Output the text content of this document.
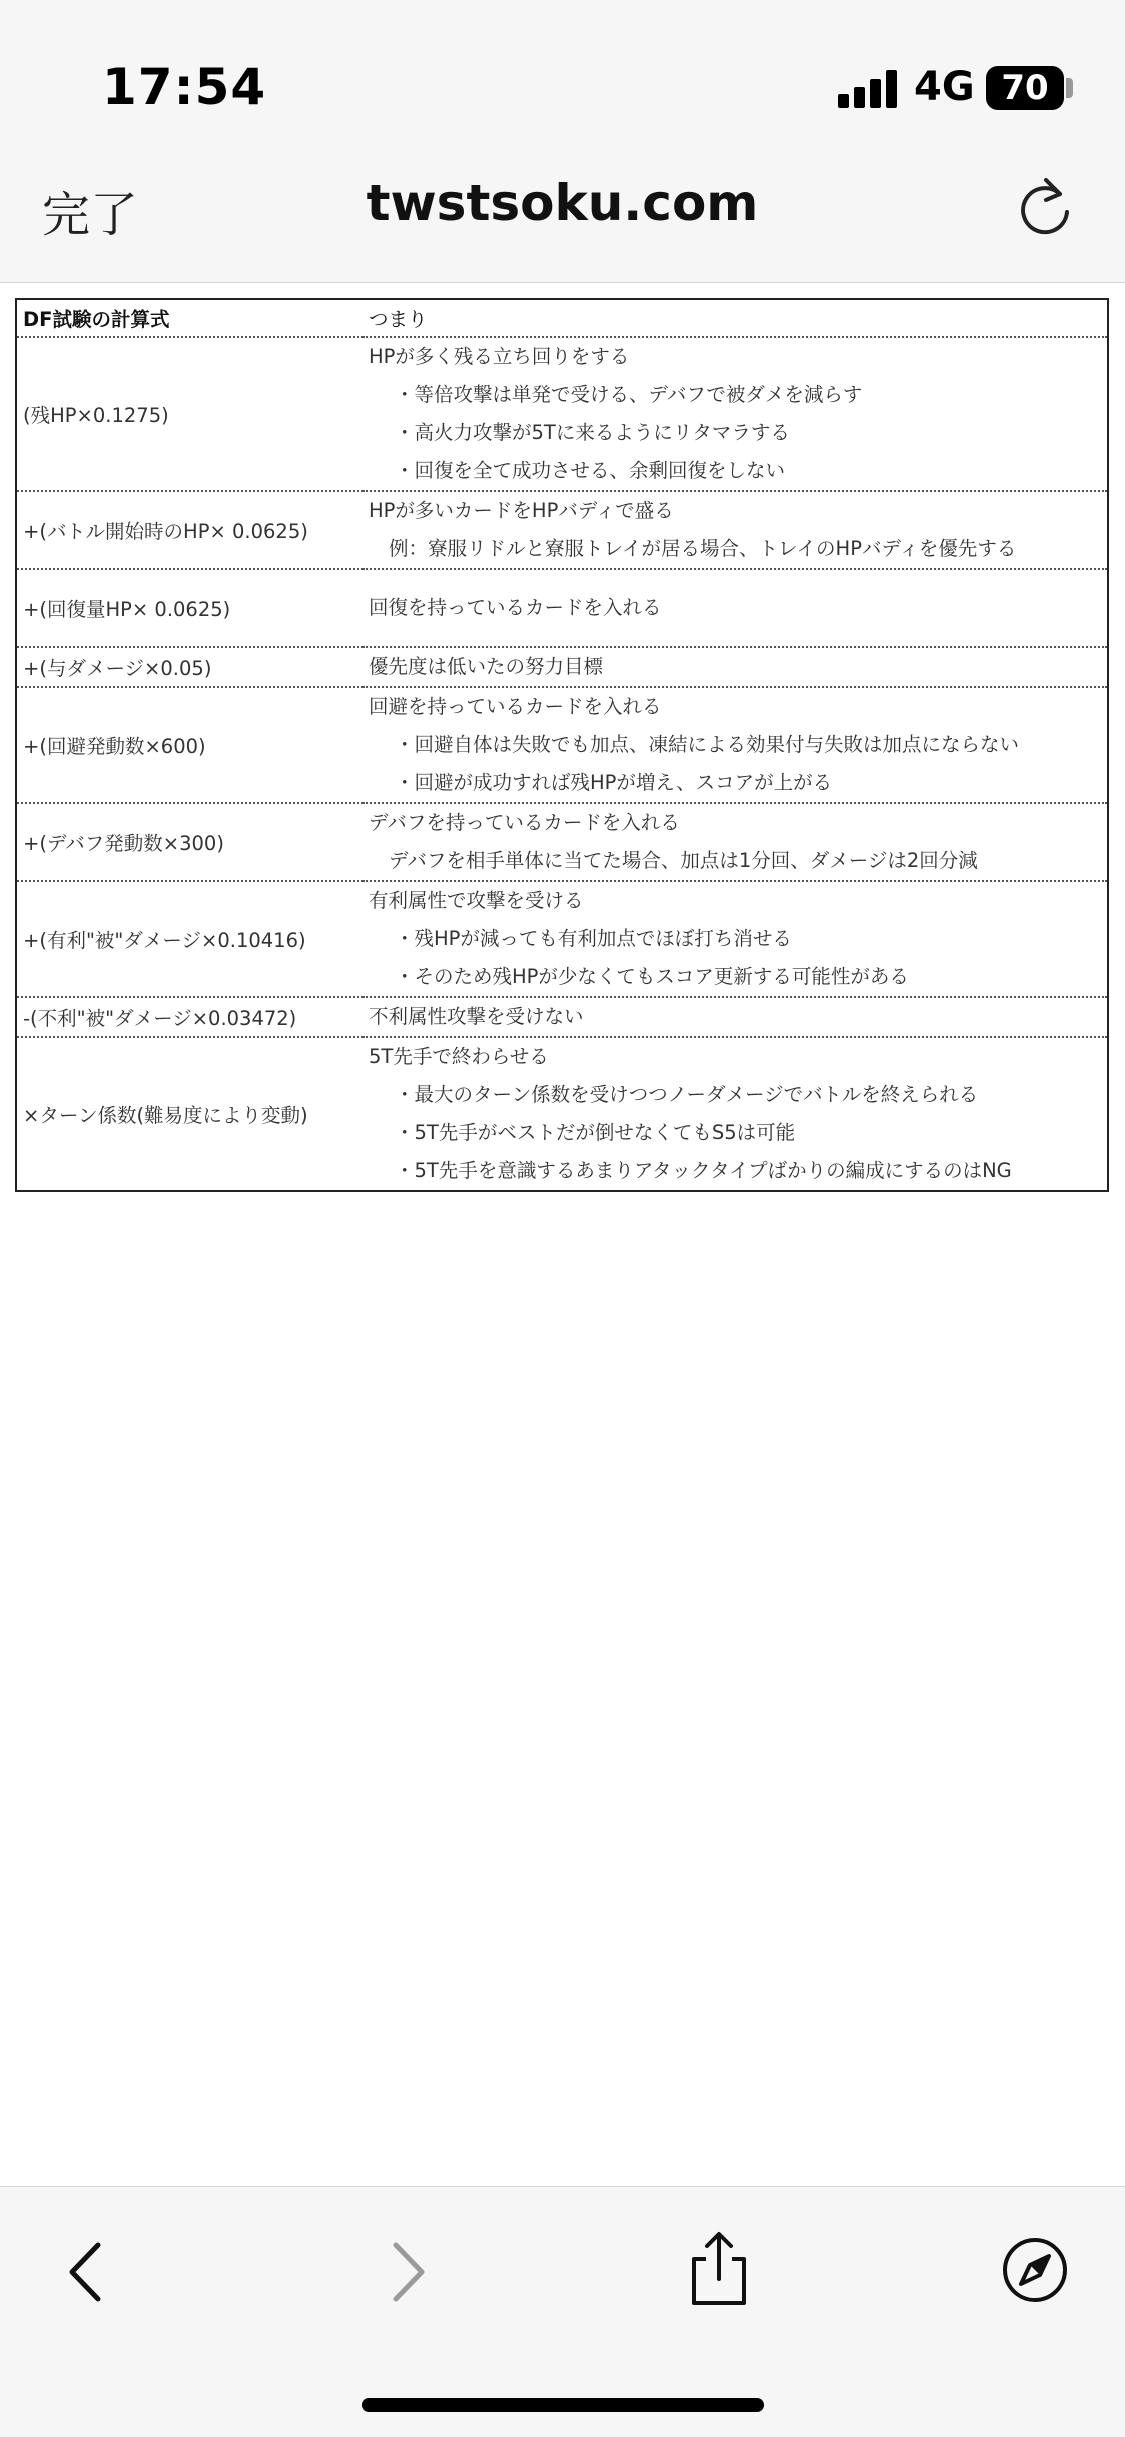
17:54	4G 70
完了	twstsoku.com
DF試験の計算式	つまり
(残HP×0.1275)	HPが多く残る立ち回りをする
・等倍攻撃は単発で受ける、デバフで被ダメを減らす
・高火力攻撃が5Tに来るようにリタマラする
・回復を全て成功させる、余剰回復をしない

+(バトル開始時のHP× 0.0625)	HPが多いカードをHPバディで盛る
例：寮服リドルと寮服トレイが居る場合、トレイのHPバディを優先する

+(回復量HP× 0.0625)	回復を持っているカードを入れる

+(与ダメージ×0.05)	優先度は低いたの努力目標

+(回避発動数×600)	回避を持っているカードを入れる
・回避自体は失敗でも加点、凍結による効果付与失敗は加点にならない
・回避が成功すれば残HPが増え、スコアが上がる

+(デバフ発動数×300)	デバフを持っているカードを入れる
デバフを相手単体に当てた場合、加点は1分回、ダメージは2回分減

+(有利"被"ダメージ×0.10416)	有利属性で攻撃を受ける
・残HPが減っても有利加点でほぼ打ち消せる
・そのため残HPが少なくてもスコア更新する可能性がある

-(不利"被"ダメージ×0.03472)	不利属性攻撃を受けない

×ターン係数(難易度により変動)	5T先手で終わらせる
・最大のターン係数を受けつつノーダメージでバトルを終えられる
・5T先手がベストだが倒せなくてもS5は可能
・5T先手を意識するあまりアタックタイプばかりの編成にするのはNG
